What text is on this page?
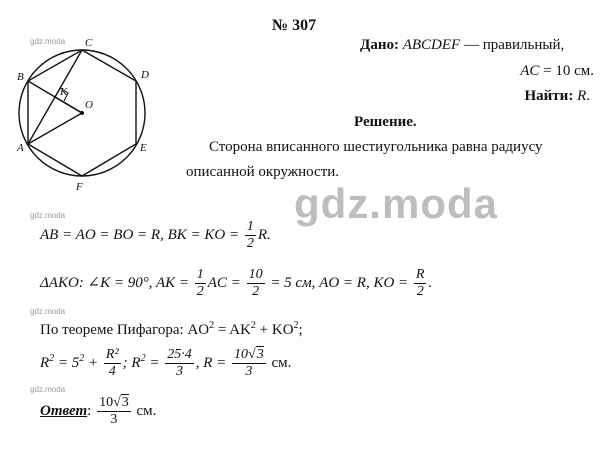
gdz.moda
gdz.moda
gdz.moda
gdz.moda
gdz.moda
C
D
E
F
A
B
K
O
№ 307
Дано: ABCDEF — правильный,
AC = 10 см.
Найти: R.
Решение.
Сторона вписанного шестиугольника равна радиусу
описанной окружности.
AB = AO = BO = R, BK = KO = $\frac{1}{2} R$.
ΔAKO: ∠K = 90°, AK = $\frac{1}{2}$ AC = $\frac{10}{2} = 5$ см, AO = R, KO = $\frac{R}{2}$ .
По теореме Пифагора: $AO^2 = AK^2 + KO^2$;
$R^2 = 5^2 + \frac{\text{R²}}{4}$ ; $R^2 = \frac{25\cdot 4}{3}$ , $R = \frac{10√3}{3}$ см.
Ответ: $\frac{10√3}{3}$ см.
